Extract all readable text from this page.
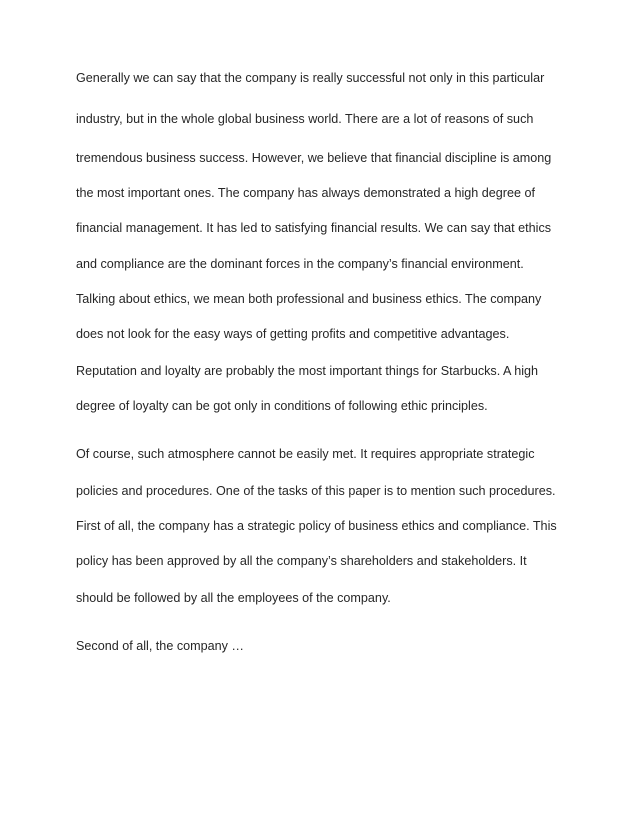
Generally we can say that the company is really successful not only in this particular
industry, but in the whole global business world. There are a lot of reasons of such
tremendous business success. However, we believe that financial discipline is among
the most important ones. The company has always demonstrated a high degree of
financial management. It has led to satisfying financial results. We can say that ethics
and compliance are the dominant forces in the company’s financial environment.
Talking about ethics, we mean both professional and business ethics. The company
does not look for the easy ways of getting profits and competitive advantages.
Reputation and loyalty are probably the most important things for Starbucks. A high
degree of loyalty can be got only in conditions of following ethic principles.
Of course, such atmosphere cannot be easily met. It requires appropriate strategic
policies and procedures. One of the tasks of this paper is to mention such procedures.
First of all, the company has a strategic policy of business ethics and compliance. This
policy has been approved by all the company’s shareholders and stakeholders. It
should be followed by all the employees of the company.
Second of all, the company …
